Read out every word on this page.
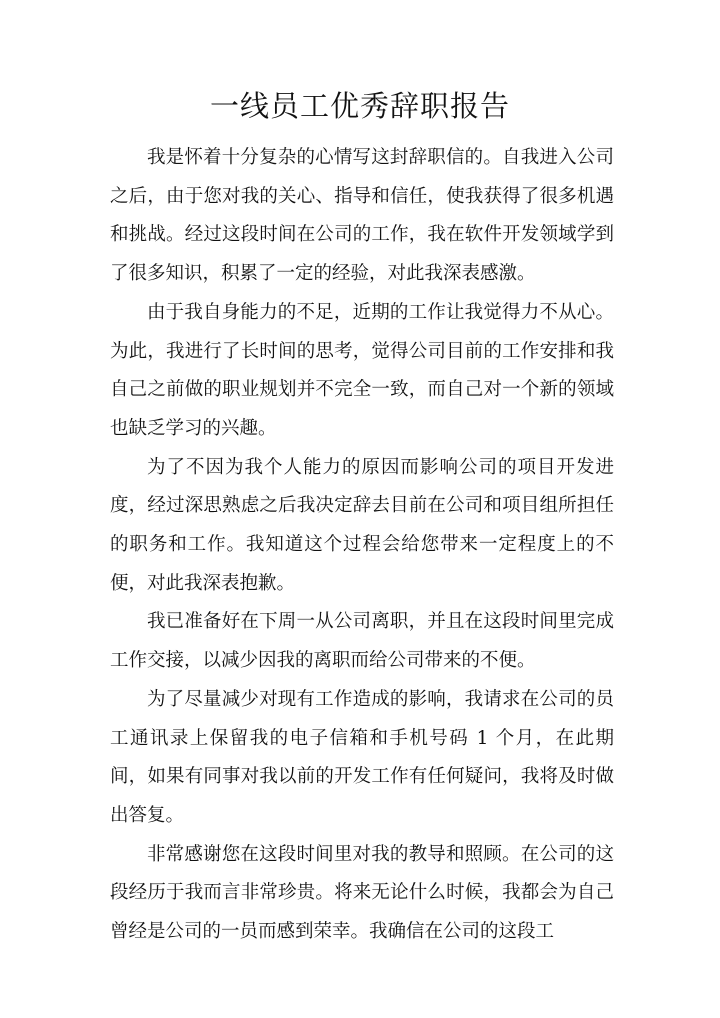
一线员工优秀辞职报告

我是怀着十分复杂的心情写这封辞职信的。自我进入公司之后，由于您对我的关心、指导和信任，使我获得了很多机遇和挑战。经过这段时间在公司的工作，我在软件开发领域学到了很多知识，积累了一定的经验，对此我深表感激。

由于我自身能力的不足，近期的工作让我觉得力不从心。为此，我进行了长时间的思考，觉得公司目前的工作安排和我自己之前做的职业规划并不完全一致，而自己对一个新的领域也缺乏学习的兴趣。

为了不因为我个人能力的原因而影响公司的项目开发进度，经过深思熟虑之后我决定辞去目前在公司和项目组所担任的职务和工作。我知道这个过程会给您带来一定程度上的不便，对此我深表抱歉。

我已准备好在下周一从公司离职，并且在这段时间里完成工作交接，以减少因我的离职而给公司带来的不便。

为了尽量减少对现有工作造成的影响，我请求在公司的员工通讯录上保留我的电子信箱和手机号码 1 个月，在此期间，如果有同事对我以前的开发工作有任何疑问，我将及时做出答复。

非常感谢您在这段时间里对我的教导和照顾。在公司的这段经历于我而言非常珍贵。将来无论什么时候，我都会为自己曾经是公司的一员而感到荣幸。我确信在公司的这段工
